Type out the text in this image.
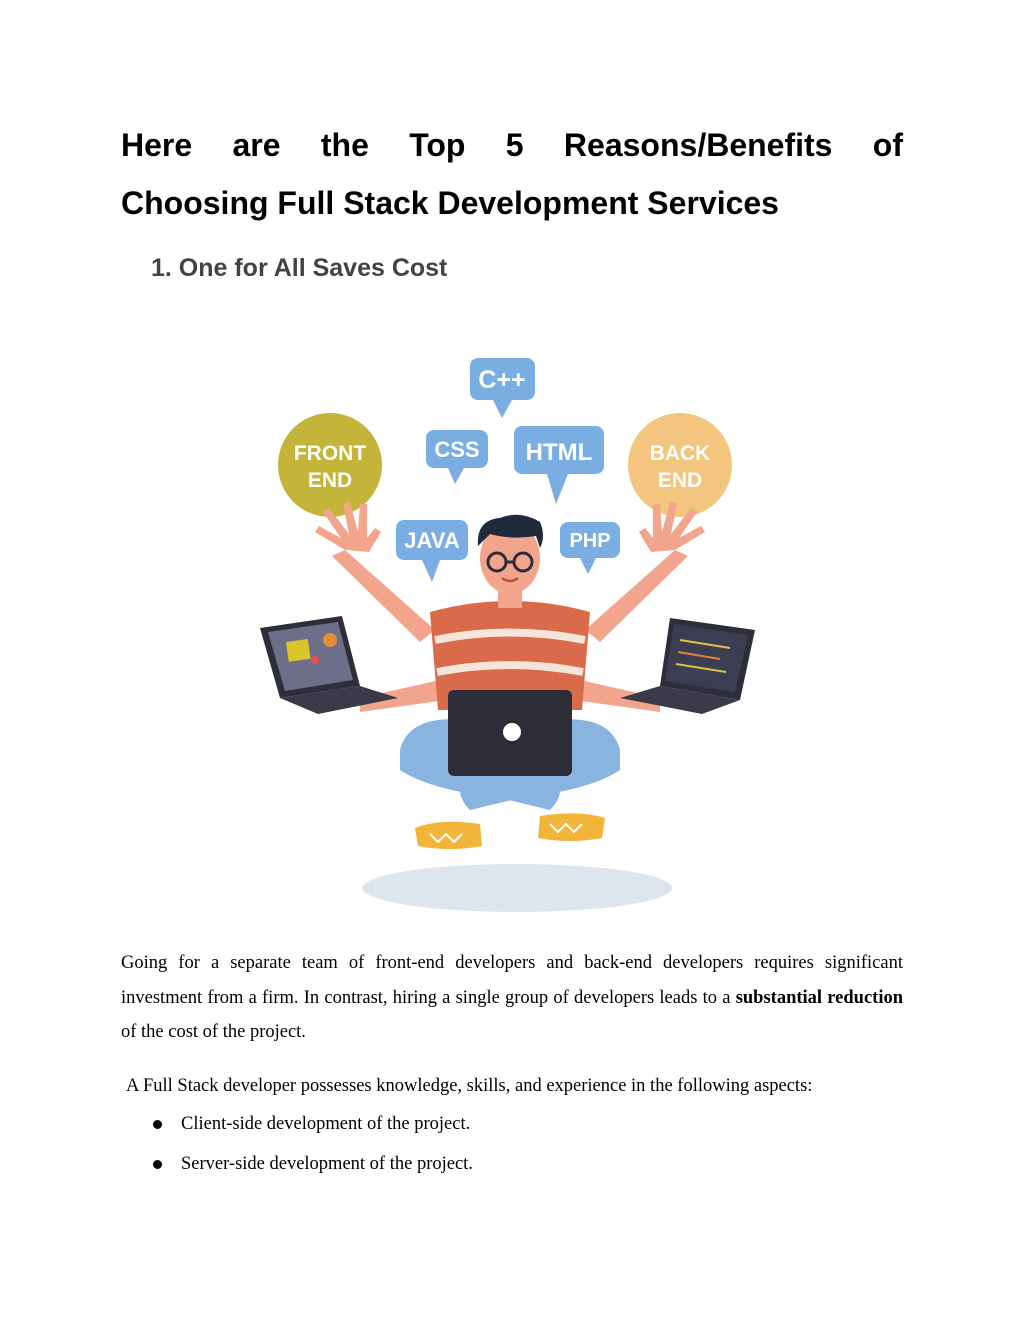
Here are the Top 5 Reasons/Benefits of
Choosing Full Stack Development Services
1. One for All Saves Cost
FRONT
END
BACK
END
C++
CSS HTML
JAVA	PHP

Going for a separate team of front-end developers and back-end developers requires significant investment from a firm. In contrast, hiring a single group of developers leads to a substantial reduction of the cost of the project.

A Full Stack developer possesses knowledge, skills, and experience in the following aspects:

Client-side development of the project.
Server-side development of the project.
